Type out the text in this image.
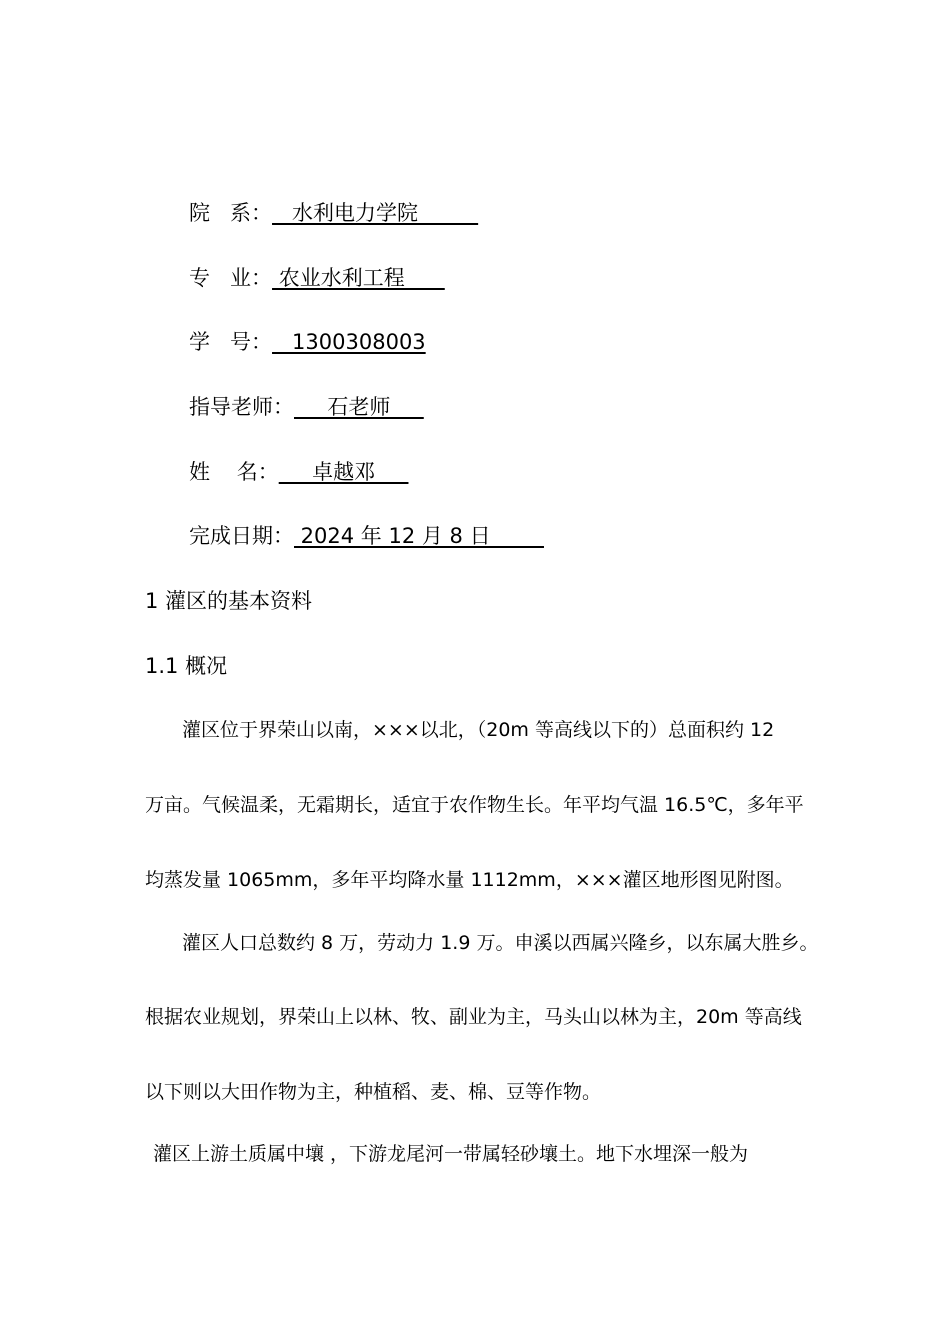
院   系：   水利电力学院
专   业： 农业水利工程
学   号：   1300308003
指导老师：     石老师
姓    名：     卓越邓
完成日期： 2024 年 12 月 8 日
1 灌区的基本资料
1.1 概况
灌区位于界荣山以南，×××以北，（20m 等高线以下的）总面积约 12
万亩。气候温柔，无霜期长，适宜于农作物生长。年平均气温 16.5℃，多年平
均蒸发量 1065mm，多年平均降水量 1112mm，×××灌区地形图见附图。
灌区人口总数约 8 万，劳动力 1.9 万。申溪以西属兴隆乡，以东属大胜乡。
根据农业规划，界荣山上以林、牧、副业为主，马头山以林为主，20m 等高线
以下则以大田作物为主，种植稻、麦、棉、豆等作物。
灌区上游土质属中壤 ，下游龙尾河一带属轻砂壤土。地下水埋深一般为
